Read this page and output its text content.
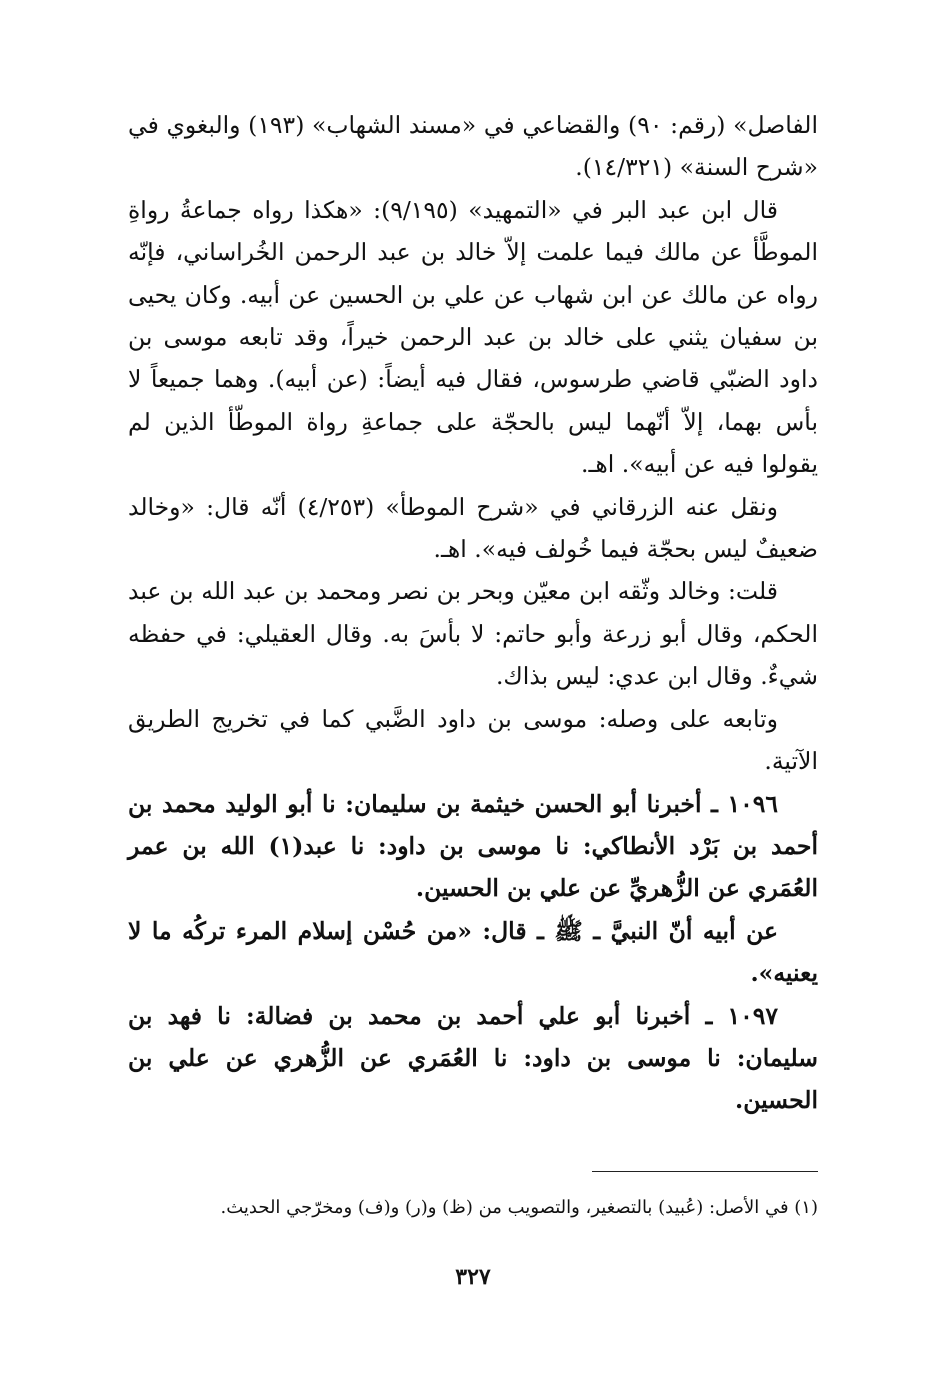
الفاصل» (رقم: ٩٠) والقضاعي في «مسند الشهاب» (١٩٣) والبغوي في «شرح السنة» (١٤/٣٢١).

قال ابن عبد البر في «التمهيد» (٩/١٩٥): «هكذا رواه جماعةُ رواةِ الموطَّأ عن مالك فيما علمت إلاّ خالد بن عبد الرحمن الخُراساني، فإنّه رواه عن مالك عن ابن شهاب عن علي بن الحسين عن أبيه. وكان يحيى بن سفيان يثني على خالد بن عبد الرحمن خيراً، وقد تابعه موسى بن داود الضبّي قاضي طرسوس، فقال فيه أيضاً: (عن أبيه). وهما جميعاً لا بأس بهما، إلاّ أنّهما ليس بالحجّة على جماعةِ رواة الموطّأ الذين لم يقولوا فيه عن أبيه». اهـ.

ونقل عنه الزرقاني في «شرح الموطأ» (٤/٢٥٣) أنّه قال: «وخالد ضعيفٌ ليس بحجّة فيما خُولف فيه». اهـ.

قلت: وخالد وثّقه ابن معيّن وبحر بن نصر ومحمد بن عبد الله بن عبد الحكم، وقال أبو زرعة وأبو حاتم: لا بأسَ به. وقال العقيلي: في حفظه شيءٌ. وقال ابن عدي: ليس بذاك.

وتابعه على وصله: موسى بن داود الضَّبي كما في تخريج الطريق الآتية.

١٠٩٦ ـ أخبرنا أبو الحسن خيثمة بن سليمان: نا أبو الوليد محمد بن أحمد بن بَرْد الأنطاكي: نا موسى بن داود: نا عبد(١) الله بن عمر العُمَري عن الزُّهريِّ عن علي بن الحسين.

عن أبيه أنّ النبيَّ ـ ﷺ ـ قال: «من حُسْن إسلام المرء تركُه ما لا يعنيه».

١٠٩٧ ـ أخبرنا أبو علي أحمد بن محمد بن فضالة: نا فهد بن سليمان: نا موسى بن داود: نا العُمَري عن الزُّهري عن علي بن الحسين.

(١) في الأصل: (عُبيد) بالتصغير، والتصويب من (ظ) و(ر) و(ف) ومخرّجي الحديث.
٣٢٧
